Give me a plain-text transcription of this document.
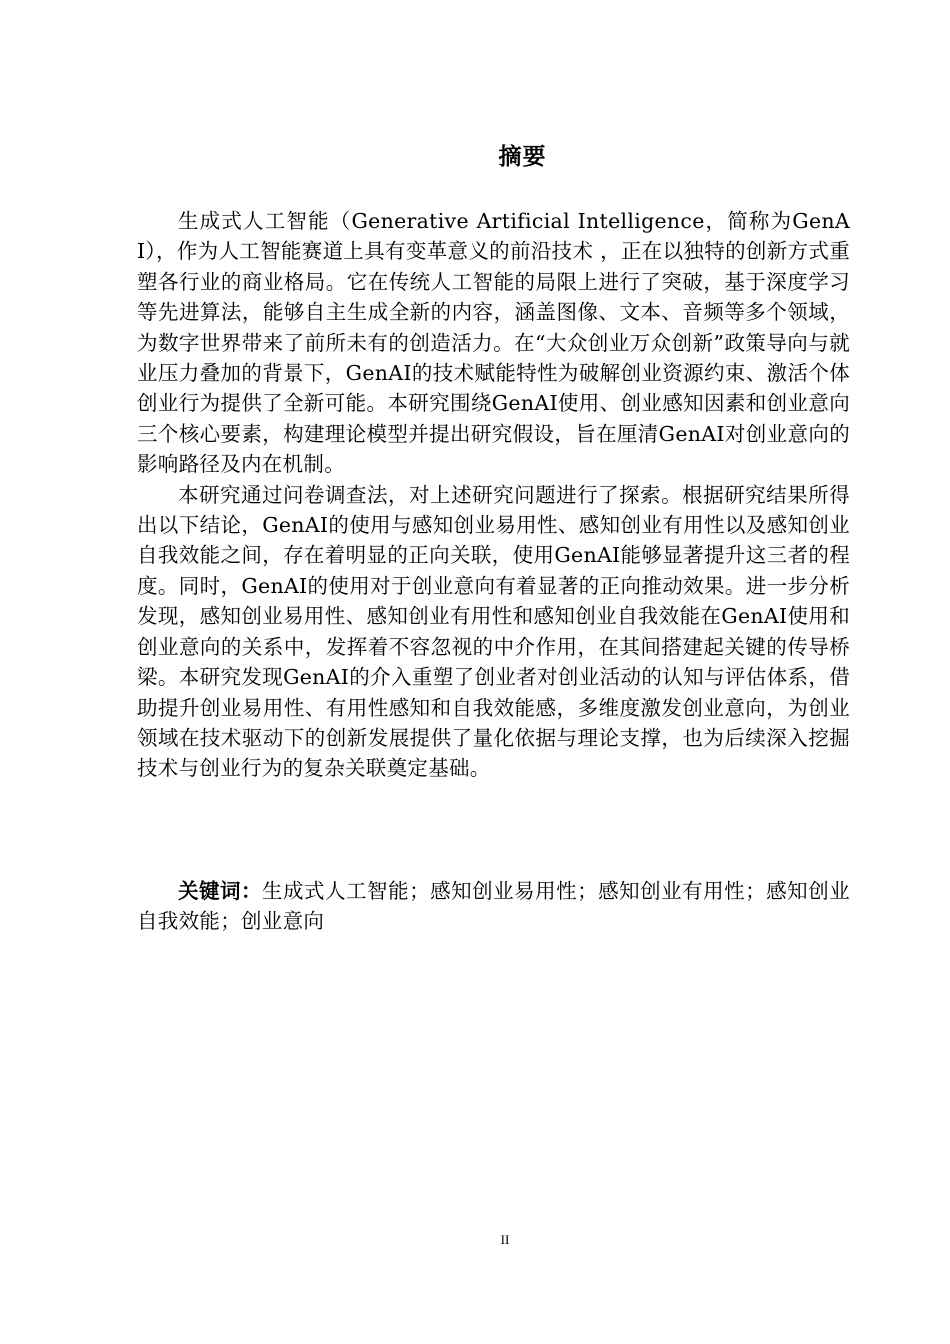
摘要

生成式人工智能（Generative Artificial Intelligence，简称为GenAI），作为人工智能赛道上具有变革意义的前沿技术 ，正在以独特的创新方式重塑各行业的商业格局。它在传统人工智能的局限上进行了突破，基于深度学习等先进算法，能够自主生成全新的内容，涵盖图像、文本、音频等多个领域，为数字世界带来了前所未有的创造活力。在“大众创业万众创新”政策导向与就业压力叠加的背景下，GenAI的技术赋能特性为破解创业资源约束、激活个体创业行为提供了全新可能。本研究围绕GenAI使用、创业感知因素和创业意向三个核心要素，构建理论模型并提出研究假设，旨在厘清GenAI对创业意向的影响路径及内在机制。

本研究通过问卷调查法，对上述研究问题进行了探索。根据研究结果所得出以下结论，GenAI的使用与感知创业易用性、感知创业有用性以及感知创业自我效能之间，存在着明显的正向关联，使用GenAI能够显著提升这三者的程度。同时，GenAI的使用对于创业意向有着显著的正向推动效果。进一步分析发现，感知创业易用性、感知创业有用性和感知创业自我效能在GenAI使用和创业意向的关系中，发挥着不容忽视的中介作用，在其间搭建起关键的传导桥梁。本研究发现GenAI的介入重塑了创业者对创业活动的认知与评估体系，借助提升创业易用性、有用性感知和自我效能感，多维度激发创业意向，为创业领域在技术驱动下的创新发展提供了量化依据与理论支撑，也为后续深入挖掘技术与创业行为的复杂关联奠定基础。

关键词：生成式人工智能；感知创业易用性；感知创业有用性；感知创业自我效能；创业意向
II
